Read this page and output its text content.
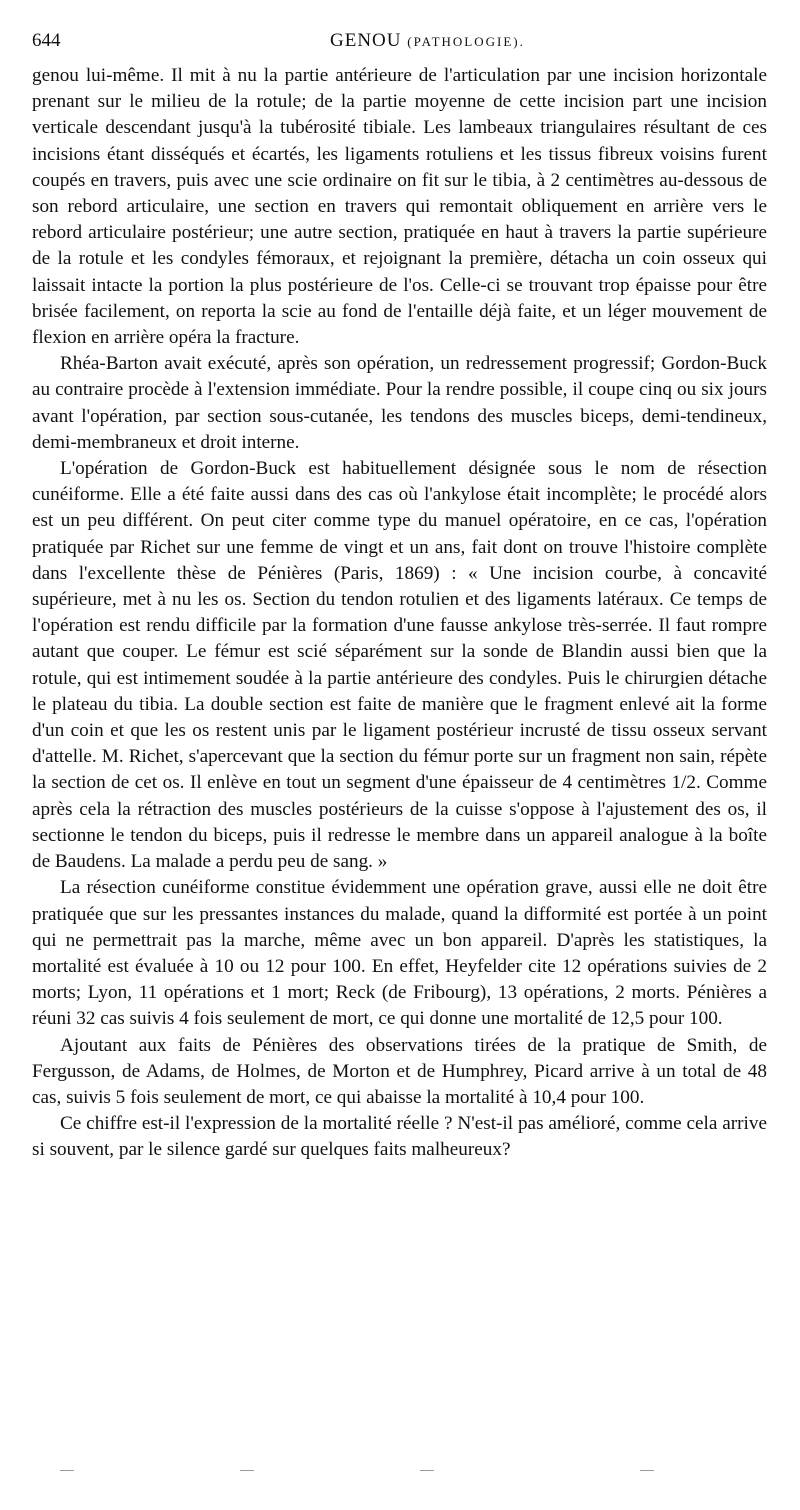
644	GENOU (PATHOLOGIE).

genou lui-même. Il mit à nu la partie antérieure de l'articulation par une incision horizontale prenant sur le milieu de la rotule; de la partie moyenne de cette incision part une incision verticale descendant jusqu'à la tubérosité tibiale. Les lambeaux triangulaires résultant de ces incisions étant disséqués et écartés, les ligaments rotuliens et les tissus fibreux voisins furent coupés en travers, puis avec une scie ordinaire on fit sur le tibia, à 2 centimètres au-dessous de son rebord articulaire, une section en travers qui remontait obliquement en arrière vers le rebord articulaire postérieur; une autre section, pratiquée en haut à travers la partie supérieure de la rotule et les condyles fémoraux, et rejoignant la première, détacha un coin osseux qui laissait intacte la portion la plus postérieure de l'os. Celle-ci se trouvant trop épaisse pour être brisée facilement, on reporta la scie au fond de l'entaille déjà faite, et un léger mouvement de flexion en arrière opéra la fracture.

Rhéa-Barton avait exécuté, après son opération, un redressement progressif; Gordon-Buck au contraire procède à l'extension immédiate. Pour la rendre possible, il coupe cinq ou six jours avant l'opération, par section sous-cutanée, les tendons des muscles biceps, demi-tendineux, demi-membraneux et droit interne.

L'opération de Gordon-Buck est habituellement désignée sous le nom de résection cunéiforme. Elle a été faite aussi dans des cas où l'ankylose était incomplète; le procédé alors est un peu différent. On peut citer comme type du manuel opératoire, en ce cas, l'opération pratiquée par Richet sur une femme de vingt et un ans, fait dont on trouve l'histoire complète dans l'excellente thèse de Pénières (Paris, 1869) : « Une incision courbe, à concavité supérieure, met à nu les os. Section du tendon rotulien et des ligaments latéraux. Ce temps de l'opération est rendu difficile par la formation d'une fausse ankylose très-serrée. Il faut rompre autant que couper. Le fémur est scié séparément sur la sonde de Blandin aussi bien que la rotule, qui est intimement soudée à la partie antérieure des condyles. Puis le chirurgien détache le plateau du tibia. La double section est faite de manière que le fragment enlevé ait la forme d'un coin et que les os restent unis par le ligament postérieur incrusté de tissu osseux servant d'attelle. M. Richet, s'apercevant que la section du fémur porte sur un fragment non sain, répète la section de cet os. Il enlève en tout un segment d'une épaisseur de 4 centimètres 1/2. Comme après cela la rétraction des muscles postérieurs de la cuisse s'oppose à l'ajustement des os, il sectionne le tendon du biceps, puis il redresse le membre dans un appareil analogue à la boîte de Baudens. La malade a perdu peu de sang. »

La résection cunéiforme constitue évidemment une opération grave, aussi elle ne doit être pratiquée que sur les pressantes instances du malade, quand la difformité est portée à un point qui ne permettrait pas la marche, même avec un bon appareil. D'après les statistiques, la mortalité est évaluée à 10 ou 12 pour 100. En effet, Heyfelder cite 12 opérations suivies de 2 morts; Lyon, 11 opérations et 1 mort; Reck (de Fribourg), 13 opérations, 2 morts. Pénières a réuni 32 cas suivis 4 fois seulement de mort, ce qui donne une mortalité de 12,5 pour 100.

Ajoutant aux faits de Pénières des observations tirées de la pratique de Smith, de Fergusson, de Adams, de Holmes, de Morton et de Humphrey, Picard arrive à un total de 48 cas, suivis 5 fois seulement de mort, ce qui abaisse la mortalité à 10,4 pour 100.

Ce chiffre est-il l'expression de la mortalité réelle ? N'est-il pas amélioré, comme cela arrive si souvent, par le silence gardé sur quelques faits malheureux?
